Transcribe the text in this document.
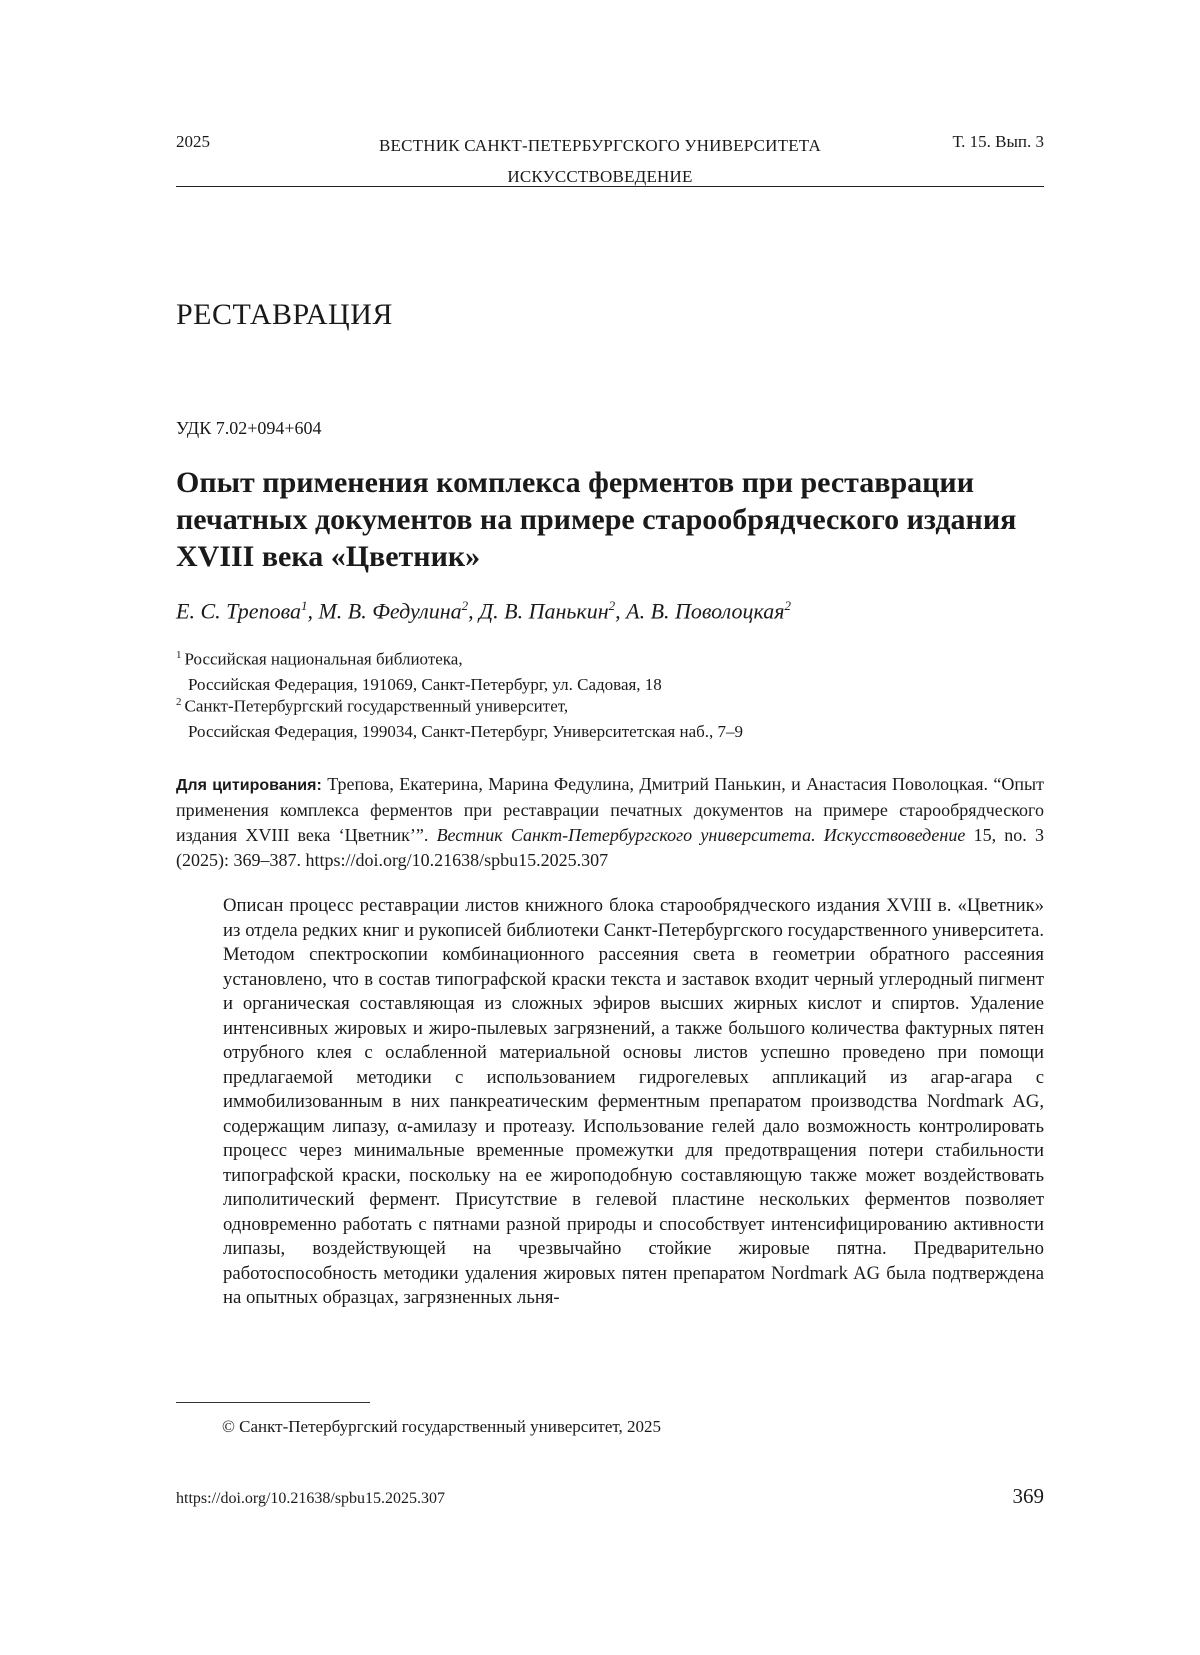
2025	ВЕСТНИК САНКТ-ПЕТЕРБУРГСКОГО УНИВЕРСИТЕТА
ИСКУССТВОВЕДЕНИЕ
Т. 15. Вып. 3
РЕСТАВРАЦИЯ
УДК 7.02+094+604
Опыт применения комплекса ферментов при реставрации печатных документов на примере старообрядческого издания XVIII века «Цветник»
Е. С. Трепова$^1$, М. В. Федулина$^2$, Д. В. Панькин$^2$, А. В. Поволоцкая$^2$
$^1$ Российская национальная библиотека,
Российская Федерация, 191069, Санкт-Петербург, ул. Садовая, 18
$^2$ Санкт-Петербургский государственный университет,
Российская Федерация, 199034, Санкт-Петербург, Университетская наб., 7–9
Для цитирования: Трепова, Екатерина, Марина Федулина, Дмитрий Панькин, и Анастасия Поволоцкая. “Опыт применения комплекса ферментов при реставрации печатных документов на примере старообрядческого издания XVIII века ‘Цветник’”. Вестник Санкт-Петербургского университета. Искусствоведение 15, no. 3 (2025): 369–387. https://doi.org/10.21638/spbu15.2025.307
Описан процесс реставрации листов книжного блока старообрядческого издания XVIII в. «Цветник» из отдела редких книг и рукописей библиотеки Санкт-Петербургского государственного университета. Методом спектроскопии комбинационного рассеяния света в геометрии обратного рассеяния установлено, что в состав типографской краски текста и заставок входит черный углеродный пигмент и органическая составляющая из сложных эфиров высших жирных кислот и спиртов. Удаление интенсивных жировых и жиро-пылевых загрязнений, а также большого количества фактурных пятен отрубного клея с ослабленной материальной основы листов успешно проведено при помощи предлагаемой методики с использованием гидрогелевых аппликаций из агар-агара с иммобилизованным в них панкреатическим ферментным препаратом производства Nordmark AG, содержащим липазу, α-амилазу и протеазу. Использование гелей дало возможность контролировать процесс через минимальные временные промежутки для предотвращения потери стабильности типографской краски, поскольку на ее жироподобную составляющую также может воздействовать липолитический фермент. Присутствие в гелевой пластине нескольких ферментов позволяет одновременно работать с пятнами разной природы и способствует интенсифицированию активности липазы, воздействующей на чрезвычайно стойкие жировые пятна. Предварительно работоспособность методики удаления жировых пятен препаратом Nordmark AG была подтверждена на опытных образцах, загрязненных льня-
© Санкт-Петербургский государственный университет, 2025
https://doi.org/10.21638/spbu15.2025.307	369
